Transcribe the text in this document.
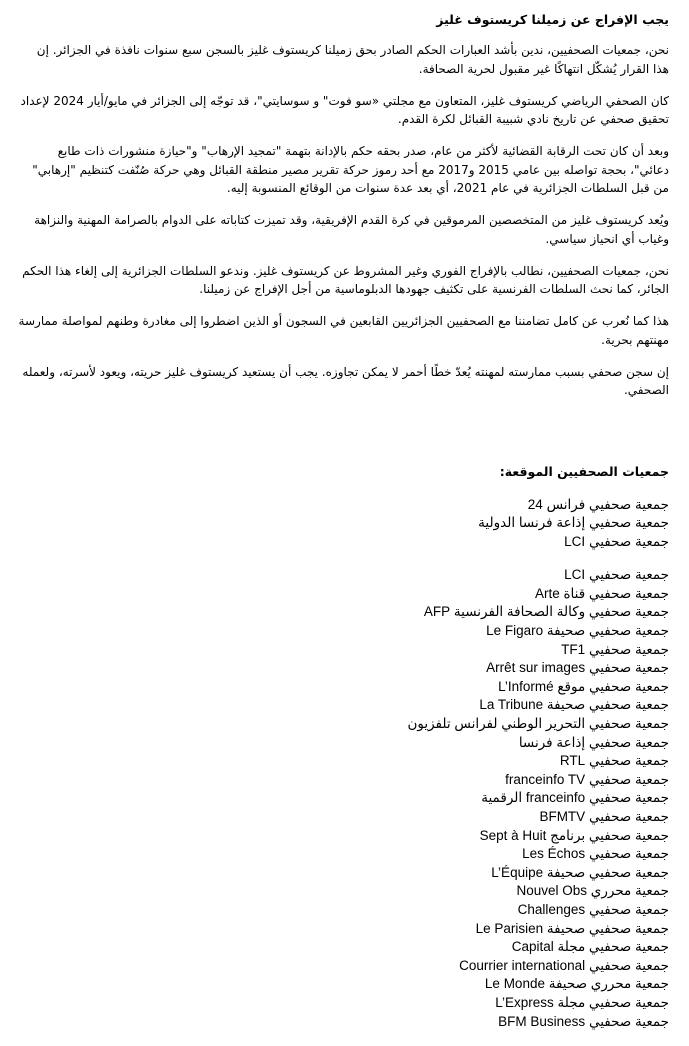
يجب الإفراج عن زميلنا كريستوف غليز
نحن، جمعيات الصحفيين، ندين بأشد العبارات الحكم الصادر بحق زميلنا كريستوف غليز بالسجن سبع سنوات نافذة في الجزائر. إن هذا القرار يُشكّل انتهاكًا غير مقبول لحرية الصحافة.
كان الصحفي الرياضي كريستوف غليز، المتعاون مع مجلتي «سو فوت" و سوسايتي"، قد توجّه إلى الجزائر في مايو/أيار 2024 لإعداد تحقيق صحفي عن تاريخ نادي شبيبة القبائل لكرة القدم.
وبعد أن كان تحت الرقابة القضائية لأكثر من عام، صدر بحقه حكم بالإدانة بتهمة "تمجيد الإرهاب" و"حيازة منشورات ذات طابع دعائي"، بحجة تواصله بين عامي 2015 و2017 مع أحد رموز حركة تقرير مصير منطقة القبائل وهي حركة صُنّفت كتنظيم "إرهابي" من قبل السلطات الجزائرية في عام 2021، أي بعد عدة سنوات من الوقائع المنسوبة إليه.
ويُعد كريستوف غليز من المتخصصين المرموقين في كرة القدم الإفريقية، وقد تميزت كتاباته على الدوام بالصرامة المهنية والنزاهة وغياب أي انحياز سياسي.
نحن، جمعيات الصحفيين، نطالب بالإفراج الفوري وغير المشروط عن كريستوف غليز. وندعو السلطات الجزائرية إلى إلغاء هذا الحكم الجائر، كما نحث السلطات الفرنسية على تكثيف جهودها الدبلوماسية من أجل الإفراج عن زميلنا.
هذا كما نُعرب عن كامل تضامننا مع الصحفيين الجزائريين القابعين في السجون أو الذين اضطروا إلى مغادرة وطنهم لمواصلة ممارسة مهنتهم بحرية.
إن سجن صحفي بسبب ممارسته لمهنته يُعدّ خطًا أحمر لا يمكن تجاوزه. يجب أن يستعيد كريستوف غليز حريته، ويعود لأسرته، ولعمله الصحفي.
جمعيات الصحفيين الموقعة:
جمعية صحفيي فرانس 24
جمعية صحفيي إذاعة فرنسا الدولية
جمعية صحفيي LCI
جمعية صحفيي LCI
جمعية صحفيي قناة Arte
جمعية صحفيي وكالة الصحافة الفرنسية AFP
جمعية صحفيي صحيفة Le Figaro
جمعية صحفيي TF1
جمعية صحفيي Arrêt sur images
جمعية صحفيي موقع L’Informé
جمعية صحفيي صحيفة La Tribune
جمعية صحفيي التحرير الوطني لفرانس تلفزيون
جمعية صحفيي إذاعة فرنسا
جمعية صحفيي RTL
جمعية صحفيي franceinfo TV
جمعية صحفيي franceinfo الرقمية
جمعية صحفيي BFMTV
جمعية صحفيي برنامج Sept à Huit
جمعية صحفيي Les Échos
جمعية صحفيي صحيفة L’Équipe
جمعية محرري Nouvel Obs
جمعية صحفيي Challenges
جمعية صحفيي صحيفة Le Parisien
جمعية صحفيي مجلة Capital
جمعية صحفيي Courrier international
جمعية محرري صحيفة Le Monde
جمعية صحفيي مجلة L’Express
جمعية صحفيي BFM Business
